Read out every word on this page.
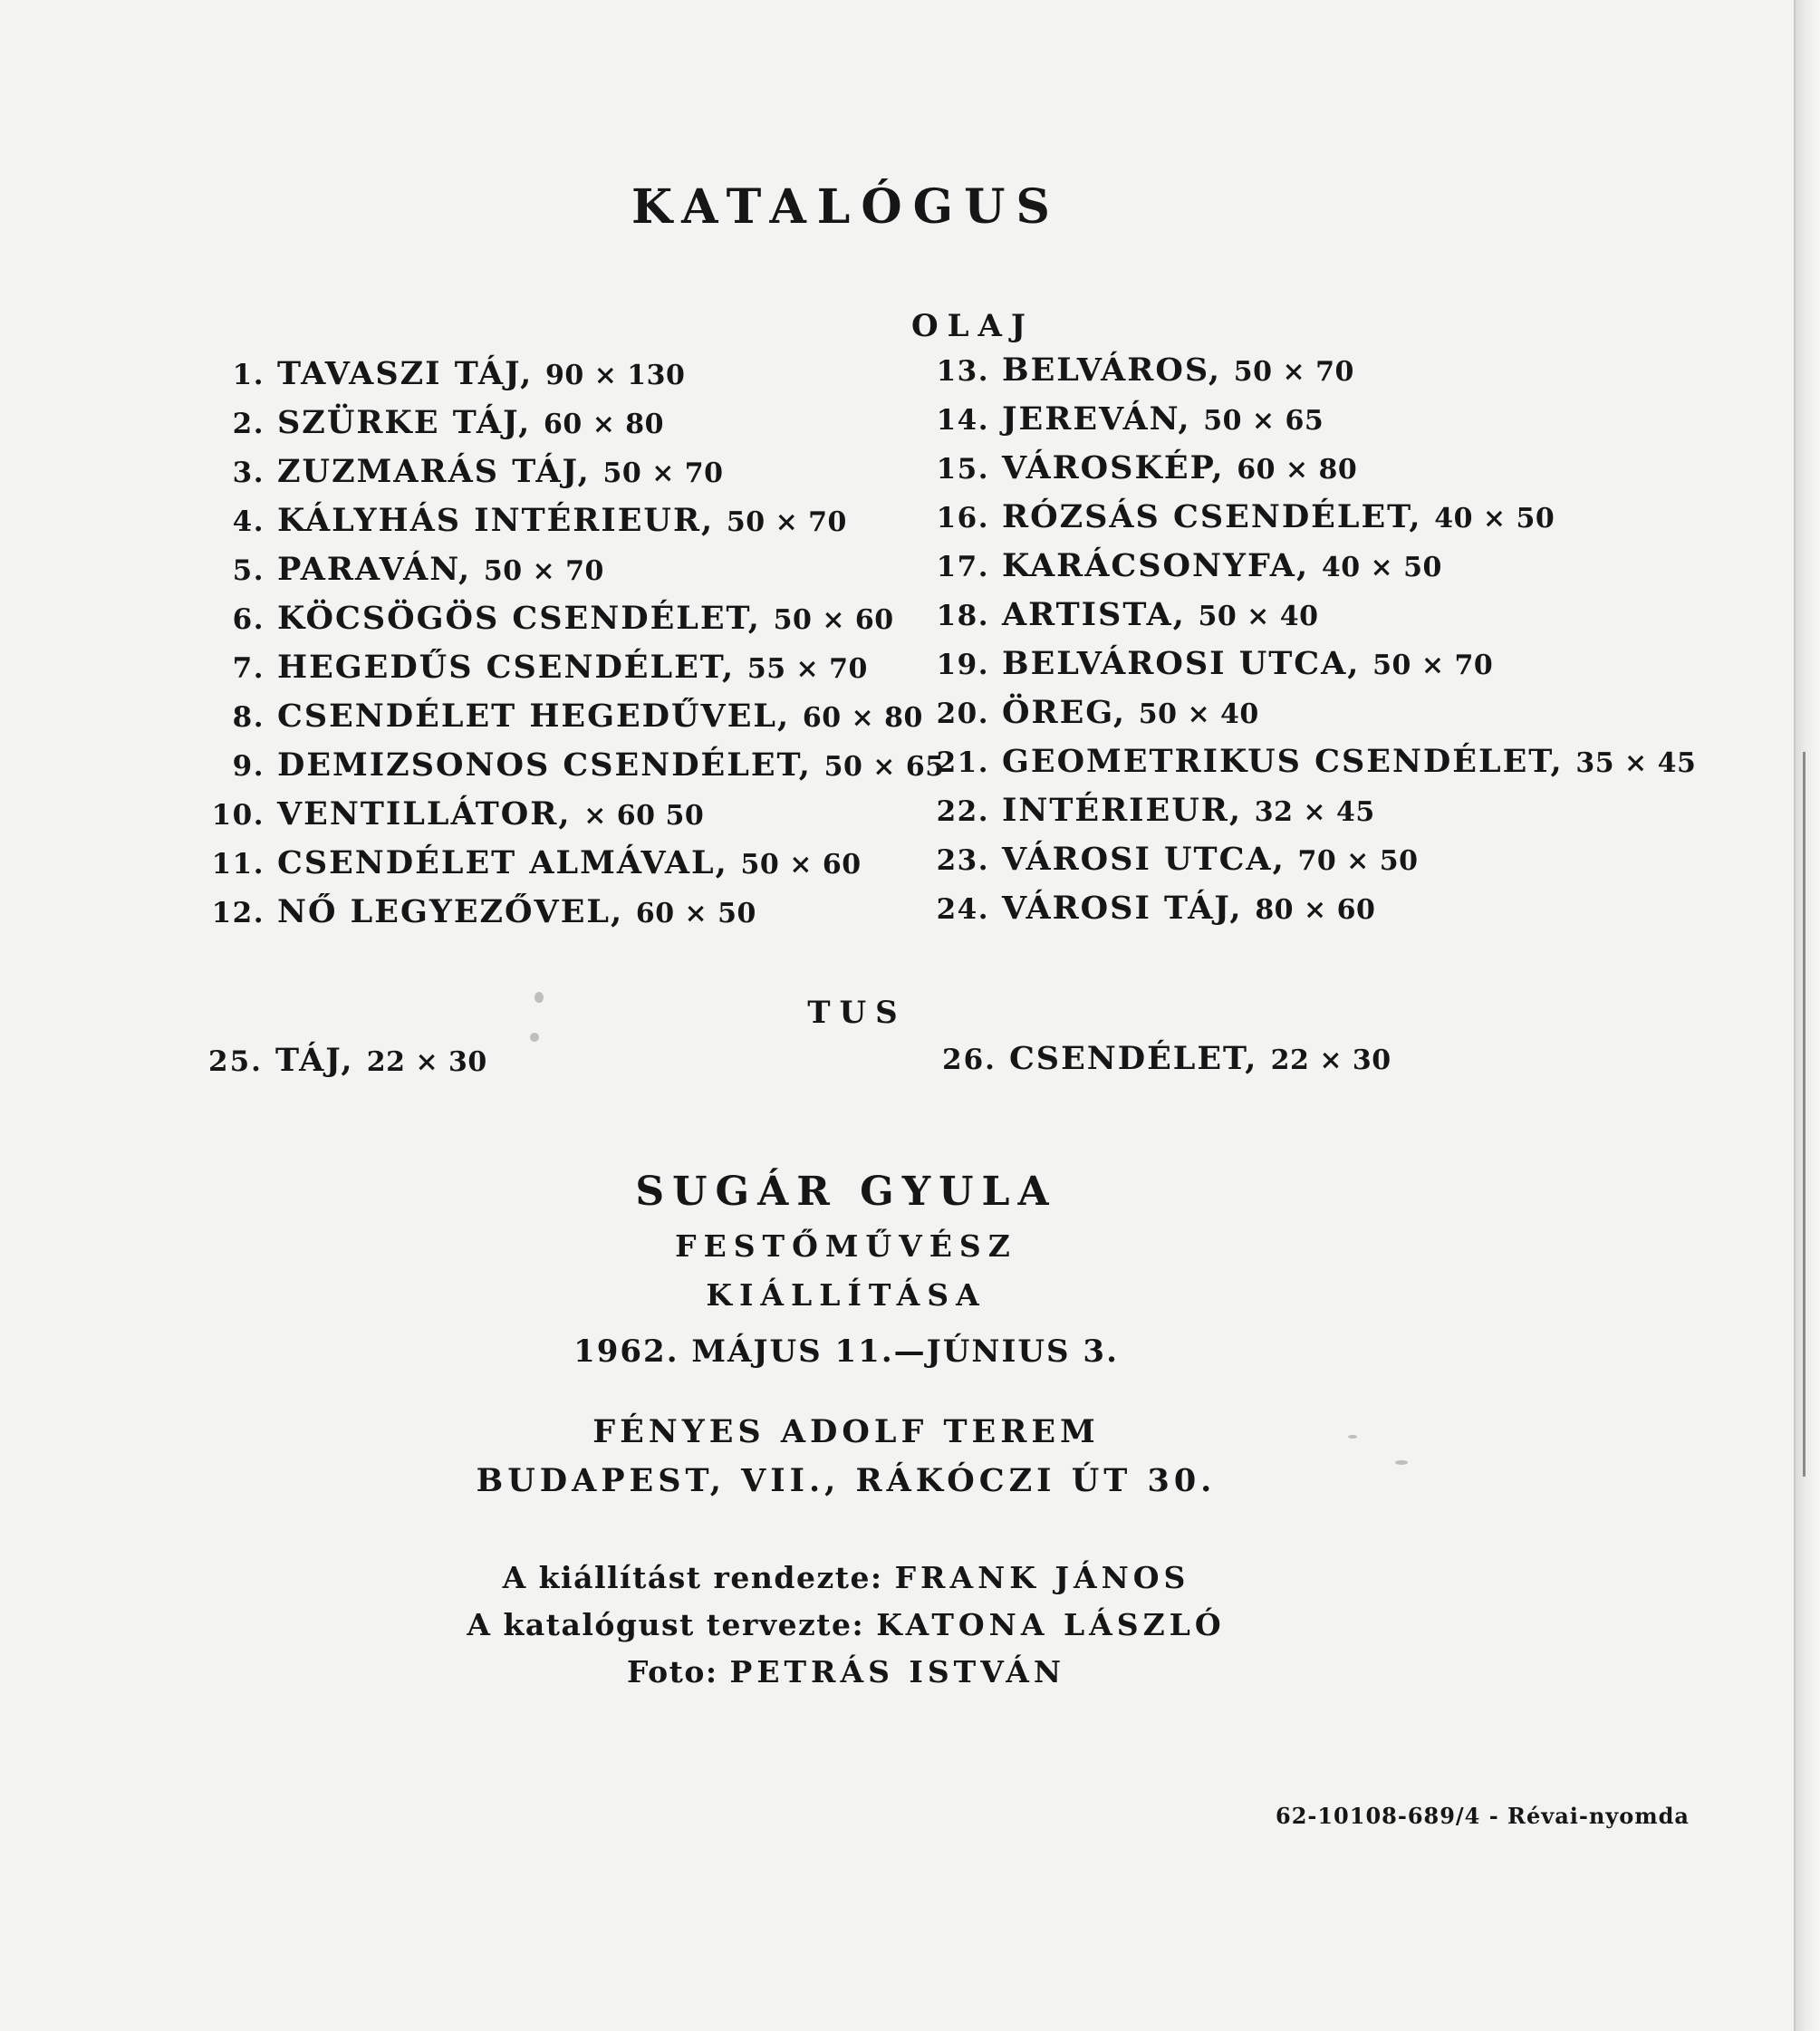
KATALÓGUS
OLAJ
1. TAVASZI TÁJ,
90 × 130
2. SZÜRKE TÁJ,
60 × 80
3. ZUZMARÁS TÁJ,
50 × 70
4. KÁLYHÁS INTÉRIEUR,
50 × 70
5. PARAVÁN,
50 × 70
6. KÖCSÖGÖS CSENDÉLET,
50 × 60
7. HEGEDŰS CSENDÉLET,
55 × 70
8. CSENDÉLET HEGEDŰVEL,
60 × 80
9. DEMIZSONOS CSENDÉLET,
50 × 65
10. VENTILLÁTOR,
× 60 50
11. CSENDÉLET ALMÁVAL,
50 × 60
12. NŐ LEGYEZŐVEL,
60 × 50
13. BELVÁROS,
50 × 70
14. JEREVÁN,
50 × 65
15. VÁROSKÉP,
60 × 80
16. RÓZSÁS CSENDÉLET,
40 × 50
17. KARÁCSONYFA,
40 × 50
18. ARTISTA,
50 × 40
19. BELVÁROSI UTCA,
50 × 70
20. ÖREG,
50 × 40
21. GEOMETRIKUS CSENDÉLET,
35 × 45
22. INTÉRIEUR,
32 × 45
23. VÁROSI UTCA,
70 × 50
24. VÁROSI TÁJ,
80 × 60
TUS
25. TÁJ, 22 × 30	26. CSENDÉLET, 22 × 30
SUGÁR GYULA
FESTŐMŰVÉSZ
KIÁLLÍTÁSA
1962. MÁJUS 11.—JÚNIUS 3.
FÉNYES ADOLF TEREM
BUDAPEST, VII., RÁKÓCZI ÚT 30.
A kiállítást rendezte: FRANK JÁNOS
A katalógust tervezte: KATONA LÁSZLÓ
Foto: PETRÁS ISTVÁN
62-10108-689/4 - Révai-nyomda
